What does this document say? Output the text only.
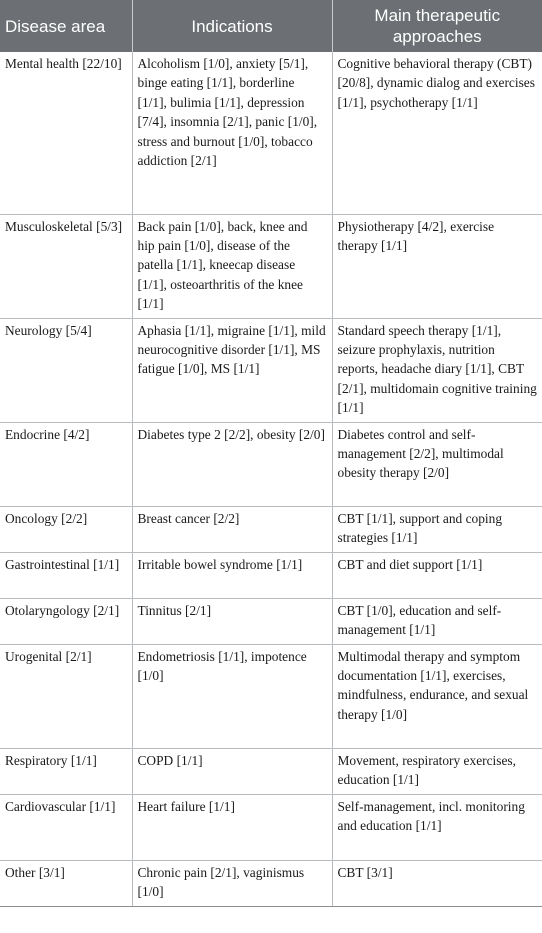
Disease area	Indications	Main therapeutic approaches
Mental health [22/10]	Alcoholism [1/0], anxiety [5/1], binge eating [1/1], borderline [1/1], bulimia [1/1], depression [7/4], insomnia [2/1], panic [1/0], stress and burnout [1/0], tobacco addiction [2/1]	Cognitive behavioral therapy (CBT) [20/8], dynamic dialog and exercises [1/1], psychotherapy [1/1]
Musculoskeletal [5/3]	Back pain [1/0], back, knee and hip pain [1/0], disease of the patella [1/1], kneecap disease [1/1], osteoarthritis of the knee [1/1]	Physiotherapy [4/2], exercise therapy [1/1]
Neurology [5/4]	Aphasia [1/1], migraine [1/1], mild neurocognitive disorder [1/1], MS fatigue [1/0], MS [1/1]	Standard speech therapy [1/1], seizure prophylaxis, nutrition reports, headache diary [1/1], CBT [2/1], multidomain cognitive training [1/1]
Endocrine [4/2]	Diabetes type 2 [2/2], obesity [2/0]	Diabetes control and self-management [2/2], multimodal obesity therapy [2/0]
Oncology [2/2]	Breast cancer [2/2]	CBT [1/1], support and coping strategies [1/1]
Gastrointestinal [1/1]	Irritable bowel syndrome [1/1]	CBT and diet support [1/1]
Otolaryngology [2/1]	Tinnitus [2/1]	CBT [1/0], education and self-management [1/1]
Urogenital [2/1]	Endometriosis [1/1], impotence [1/0]	Multimodal therapy and symptom documentation [1/1], exercises, mindfulness, endurance, and sexual therapy [1/0]
Respiratory [1/1]	COPD [1/1]	Movement, respiratory exercises, education [1/1]
Cardiovascular [1/1]	Heart failure [1/1]	Self-management, incl. monitoring and education [1/1]
Other [3/1]	Chronic pain [2/1], vaginismus [1/0]	CBT [3/1]
